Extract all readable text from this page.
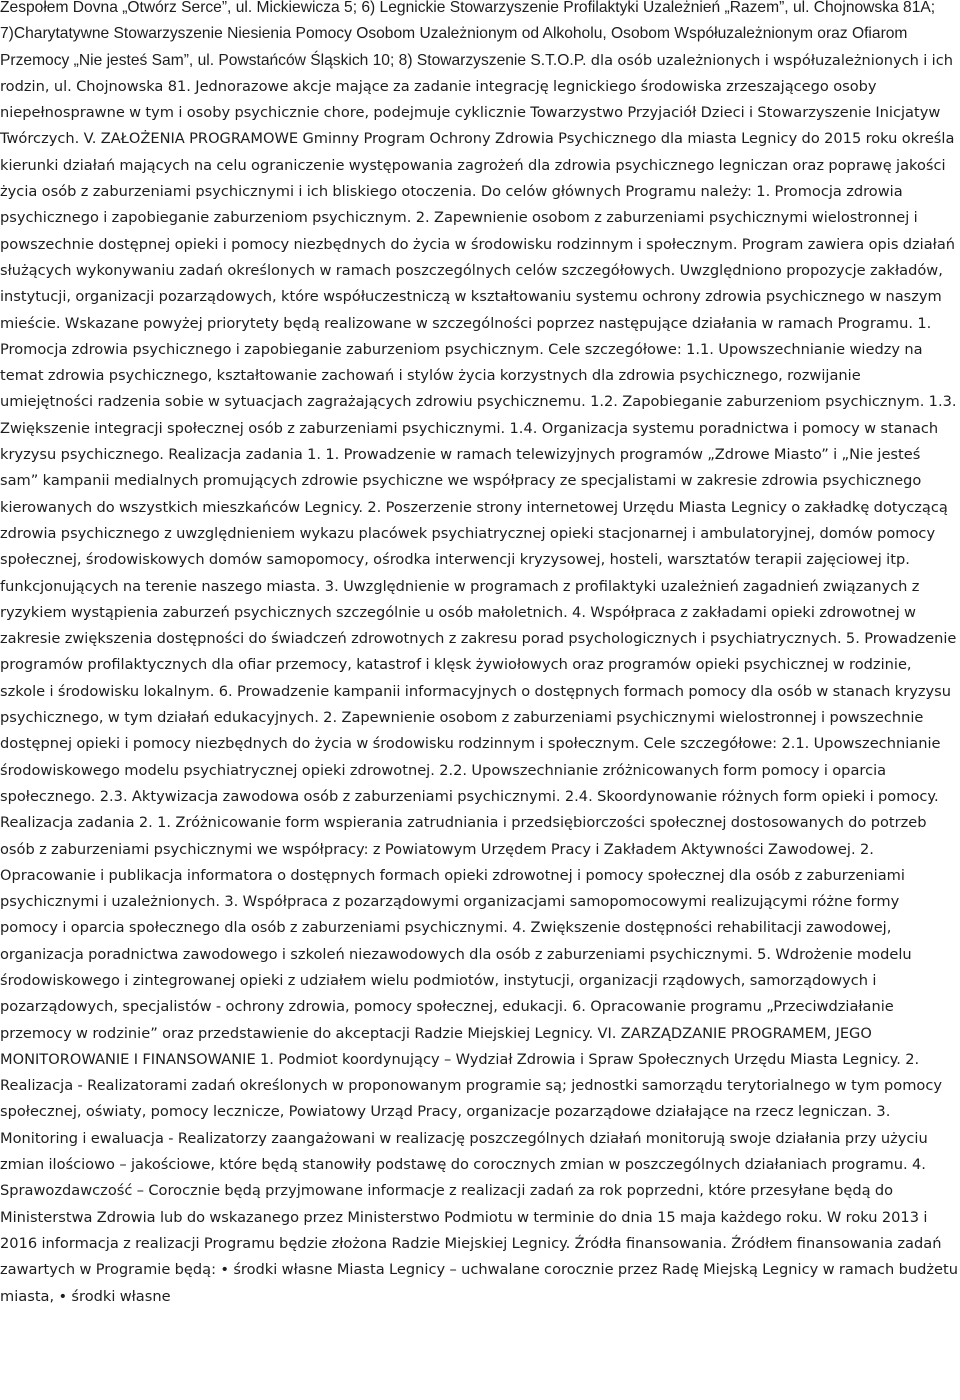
Zespołem Dovna „Otwórz Serce”, ul. Mickiewicza 5; 6) Legnickie Stowarzyszenie Profilaktyki Uzależnień „Razem”, ul. Chojnowska 81A; 7)Charytatywne Stowarzyszenie Niesienia Pomocy Osobom Uzależnionym od Alkoholu, Osobom Współuzależnionym oraz Ofiarom Przemocy „Nie jesteś Sam”, ul. Powstańców Śląskich 10; 8) Stowarzyszenie S.T.O.P. dla osób uzależnionych i współuzależnionych i ich rodzin, ul. Chojnowska 81. Jednorazowe akcje mające za zadanie integrację legnickiego środowiska zrzeszającego osoby niepełnosprawne w tym i osoby psychicznie chore, podejmuje cyklicznie Towarzystwo Przyjaciół Dzieci i Stowarzyszenie Inicjatyw Twórczych. V. ZAŁOŻENIA PROGRAMOWE Gminny Program Ochrony Zdrowia Psychicznego dla miasta Legnicy do 2015 roku określa kierunki działań mających na celu ograniczenie występowania zagrożeń dla zdrowia psychicznego legniczan oraz poprawę jakości życia osób z zaburzeniami psychicznymi i ich bliskiego otoczenia. Do celów głównych Programu należy: 1. Promocja zdrowia psychicznego i zapobieganie zaburzeniom psychicznym. 2. Zapewnienie osobom z zaburzeniami psychicznymi wielostronnej i powszechnie dostępnej opieki i pomocy niezbędnych do życia w środowisku rodzinnym i społecznym. Program zawiera opis działań służących wykonywaniu zadań określonych w ramach poszczególnych celów szczegółowych. Uwzględniono propozycje zakładów, instytucji, organizacji pozarządowych, które współuczestniczą w kształtowaniu systemu ochrony zdrowia psychicznego w naszym mieście. Wskazane powyżej priorytety będą realizowane w szczególności poprzez następujące działania w ramach Programu. 1. Promocja zdrowia psychicznego i zapobieganie zaburzeniom psychicznym. Cele szczegółowe: 1.1. Upowszechnianie wiedzy na temat zdrowia psychicznego, kształtowanie zachowań i stylów życia korzystnych dla zdrowia psychicznego, rozwijanie umiejętności radzenia sobie w sytuacjach zagrażających zdrowiu psychicznemu. 1.2. Zapobieganie zaburzeniom psychicznym. 1.3. Zwiększenie integracji społecznej osób z zaburzeniami psychicznymi. 1.4. Organizacja systemu poradnictwa i pomocy w stanach kryzysu psychicznego. Realizacja zadania 1. 1. Prowadzenie w ramach telewizyjnych programów „Zdrowe Miasto” i „Nie jesteś sam” kampanii medialnych promujących zdrowie psychiczne we współpracy ze specjalistami w zakresie zdrowia psychicznego kierowanych do wszystkich mieszkańców Legnicy. 2. Poszerzenie strony internetowej Urzędu Miasta Legnicy o zakładkę dotyczącą zdrowia psychicznego z uwzględnieniem wykazu placówek psychiatrycznej opieki stacjonarnej i ambulatoryjnej, domów pomocy społecznej, środowiskowych domów samopomocy, ośrodka interwencji kryzysowej, hosteli, warsztatów terapii zajęciowej itp. funkcjonujących na terenie naszego miasta. 3. Uwzględnienie w programach z profilaktyki uzależnień zagadnień związanych z ryzykiem wystąpienia zaburzeń psychicznych szczególnie u osób małoletnich. 4. Współpraca z zakładami opieki zdrowotnej w zakresie zwiększenia dostępności do świadczeń zdrowotnych z zakresu porad psychologicznych i psychiatrycznych. 5. Prowadzenie programów profilaktycznych dla ofiar przemocy, katastrof i klęsk żywiołowych oraz programów opieki psychicznej w rodzinie, szkole i środowisku lokalnym. 6. Prowadzenie kampanii informacyjnych o dostępnych formach pomocy dla osób w stanach kryzysu psychicznego, w tym działań edukacyjnych. 2. Zapewnienie osobom z zaburzeniami psychicznymi wielostronnej i powszechnie dostępnej opieki i pomocy niezbędnych do życia w środowisku rodzinnym i społecznym. Cele szczegółowe: 2.1. Upowszechnianie środowiskowego modelu psychiatrycznej opieki zdrowotnej. 2.2. Upowszechnianie zróżnicowanych form pomocy i oparcia społecznego. 2.3. Aktywizacja zawodowa osób z zaburzeniami psychicznymi. 2.4. Skoordynowanie różnych form opieki i pomocy. Realizacja zadania 2. 1. Zróżnicowanie form wspierania zatrudniania i przedsiębiorczości społecznej dostosowanych do potrzeb osób z zaburzeniami psychicznymi we współpracy: z Powiatowym Urzędem Pracy i Zakładem Aktywności Zawodowej. 2. Opracowanie i publikacja informatora o dostępnych formach opieki zdrowotnej i pomocy społecznej dla osób z zaburzeniami psychicznymi i uzależnionych. 3. Współpraca z pozarządowymi organizacjami samopomocowymi realizującymi różne formy pomocy i oparcia społecznego dla osób z zaburzeniami psychicznymi. 4. Zwiększenie dostępności rehabilitacji zawodowej, organizacja poradnictwa zawodowego i szkoleń niezawodowych dla osób z zaburzeniami psychicznymi. 5. Wdrożenie modelu środowiskowego i zintegrowanej opieki z udziałem wielu podmiotów, instytucji, organizacji rządowych, samorządowych i pozarządowych, specjalistów - ochrony zdrowia, pomocy społecznej, edukacji. 6. Opracowanie programu „Przeciwdziałanie przemocy w rodzinie” oraz przedstawienie do akceptacji Radzie Miejskiej Legnicy. VI. ZARZĄDZANIE PROGRAMEM, JEGO MONITOROWANIE I FINANSOWANIE 1. Podmiot koordynujący – Wydział Zdrowia i Spraw Społecznych Urzędu Miasta Legnicy. 2. Realizacja - Realizatorami zadań określonych w proponowanym programie są; jednostki samorządu terytorialnego w tym pomocy społecznej, oświaty, pomocy lecznicze, Powiatowy Urząd Pracy, organizacje pozarządowe działające na rzecz legniczan. 3. Monitoring i ewaluacja - Realizatorzy zaangażowani w realizację poszczególnych działań monitorują swoje działania przy użyciu zmian ilościowo – jakościowe, które będą stanowiły podstawę do corocznych zmian w poszczególnych działaniach programu. 4. Sprawozdawczość – Corocznie będą przyjmowane informacje z realizacji zadań za rok poprzedni, które przesyłane będą do Ministerstwa Zdrowia lub do wskazanego przez Ministerstwo Podmiotu w terminie do dnia 15 maja każdego roku. W roku 2013 i 2016 informacja z realizacji Programu będzie złożona Radzie Miejskiej Legnicy. Źródła finansowania. Źródłem finansowania zadań zawartych w Programie będą: • środki własne Miasta Legnicy – uchwalane corocznie przez Radę Miejską Legnicy w ramach budżetu miasta, • środki własne
